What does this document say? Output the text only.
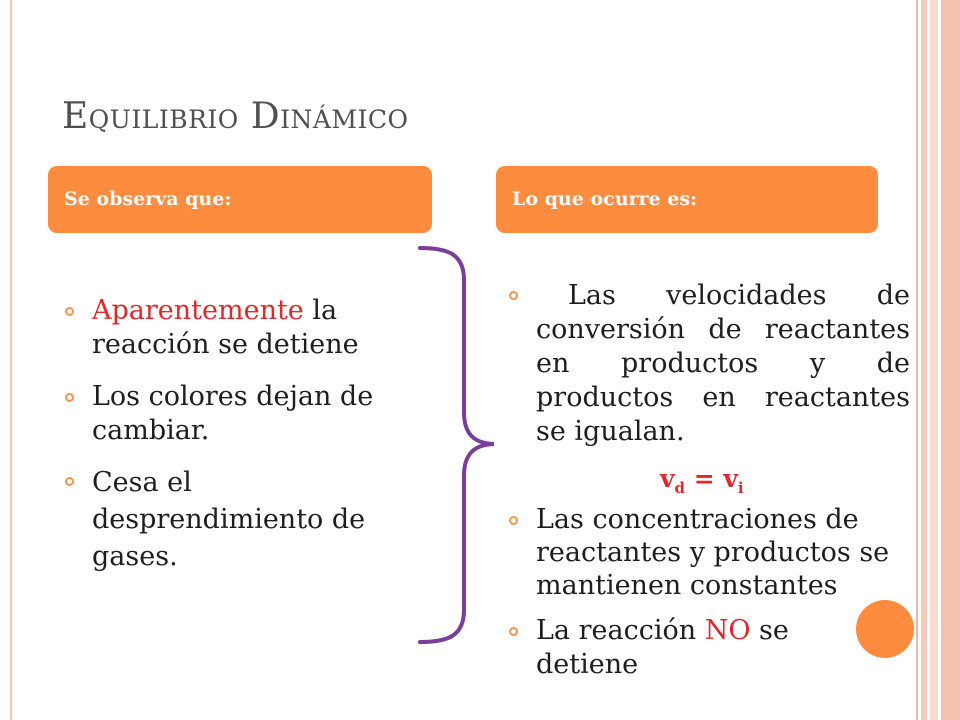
Equilibrio Dinámico
Se observa que:	Lo que ocurre es:
Aparentemente la
reacción se detiene
Los colores dejan de
cambiar.
Cesa el
desprendimiento de
gases.
Las velocidades de
conversión de reactantes
en productos y de
productos en reactantes
se igualan.
$v_d = v_i$
Las concentraciones de
reactantes y productos se
mantienen constantes
La reacción NO se
detiene
